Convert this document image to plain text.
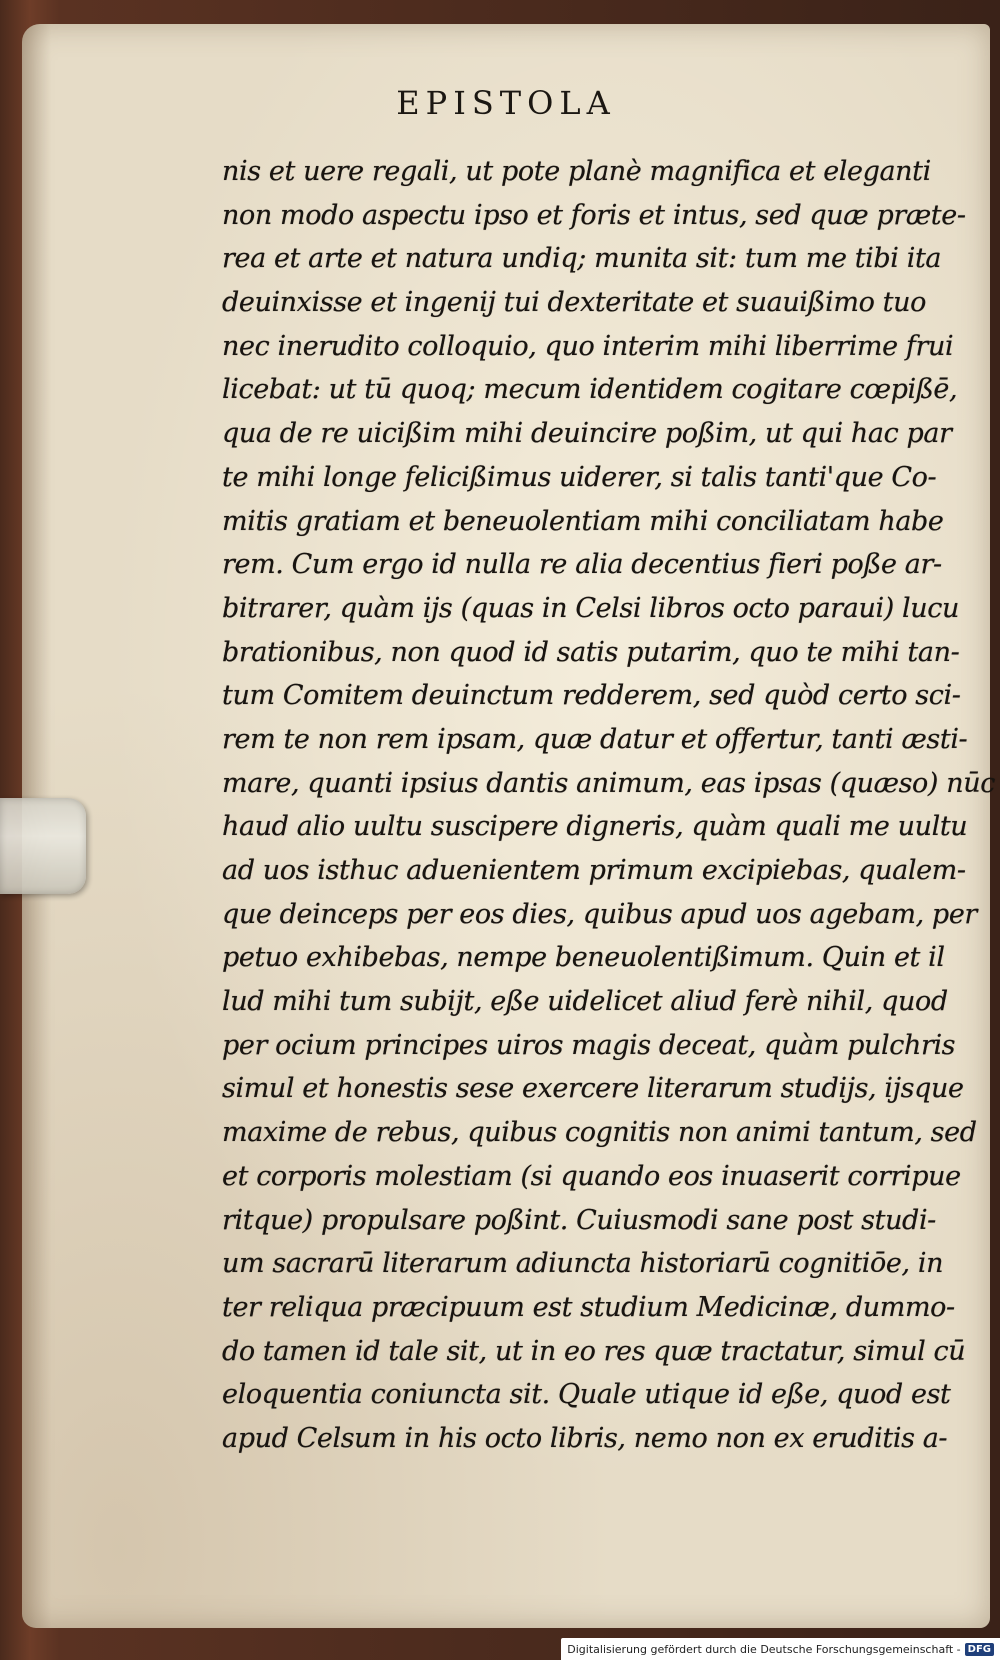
EPISTOLA
nis et uere regali, ut pote planè magnifica et eleganti
non modo aspectu ipso et foris et intus, sed quæ præte-
rea et arte et natura undiq; munita sit: tum me tibi ita
deuinxisse et ingenij tui dexteritate et suauißimo tuo
nec inerudito colloquio, quo interim mihi liberrime frui
licebat: ut tū quoq; mecum identidem cogitare cœpißē,
qua de re uicißim mihi deuincire poßim, ut qui hac par
te mihi longe felicißimus uiderer, si talis tanti'que Co-
mitis gratiam et beneuolentiam mihi conciliatam habe
rem. Cum ergo id nulla re alia decentius fieri poße ar-
bitrarer, quàm ijs (quas in Celsi libros octo paraui) lucu
brationibus, non quod id satis putarim, quo te mihi tan-
tum Comitem deuinctum redderem, sed quòd certo sci-
rem te non rem ipsam, quæ datur et offertur, tanti æsti-
mare, quanti ipsius dantis animum, eas ipsas (quæso) nūc
haud alio uultu suscipere digneris, quàm quali me uultu
ad uos isthuc aduenientem primum excipiebas, qualem-
que deinceps per eos dies, quibus apud uos agebam, per
petuo exhibebas, nempe beneuolentißimum. Quin et il
lud mihi tum subijt, eße uidelicet aliud ferè nihil, quod
per ocium principes uiros magis deceat, quàm pulchris
simul et honestis sese exercere literarum studijs, ijsque
maxime de rebus, quibus cognitis non animi tantum, sed
et corporis molestiam (si quando eos inuaserit corripue
ritque) propulsare poßint. Cuiusmodi sane post studi-
um sacrarū literarum adiuncta historiarū cognitiōe, in
ter reliqua præcipuum est studium Medicinæ, dummo-
do tamen id tale sit, ut in eo res quæ tractatur, simul cū
eloquentia coniuncta sit. Quale utique id eße, quod est
apud Celsum in his octo libris, nemo non ex eruditis a-
Digitalisierung gefördert durch die Deutsche Forschungsgemeinschaft - DFG
